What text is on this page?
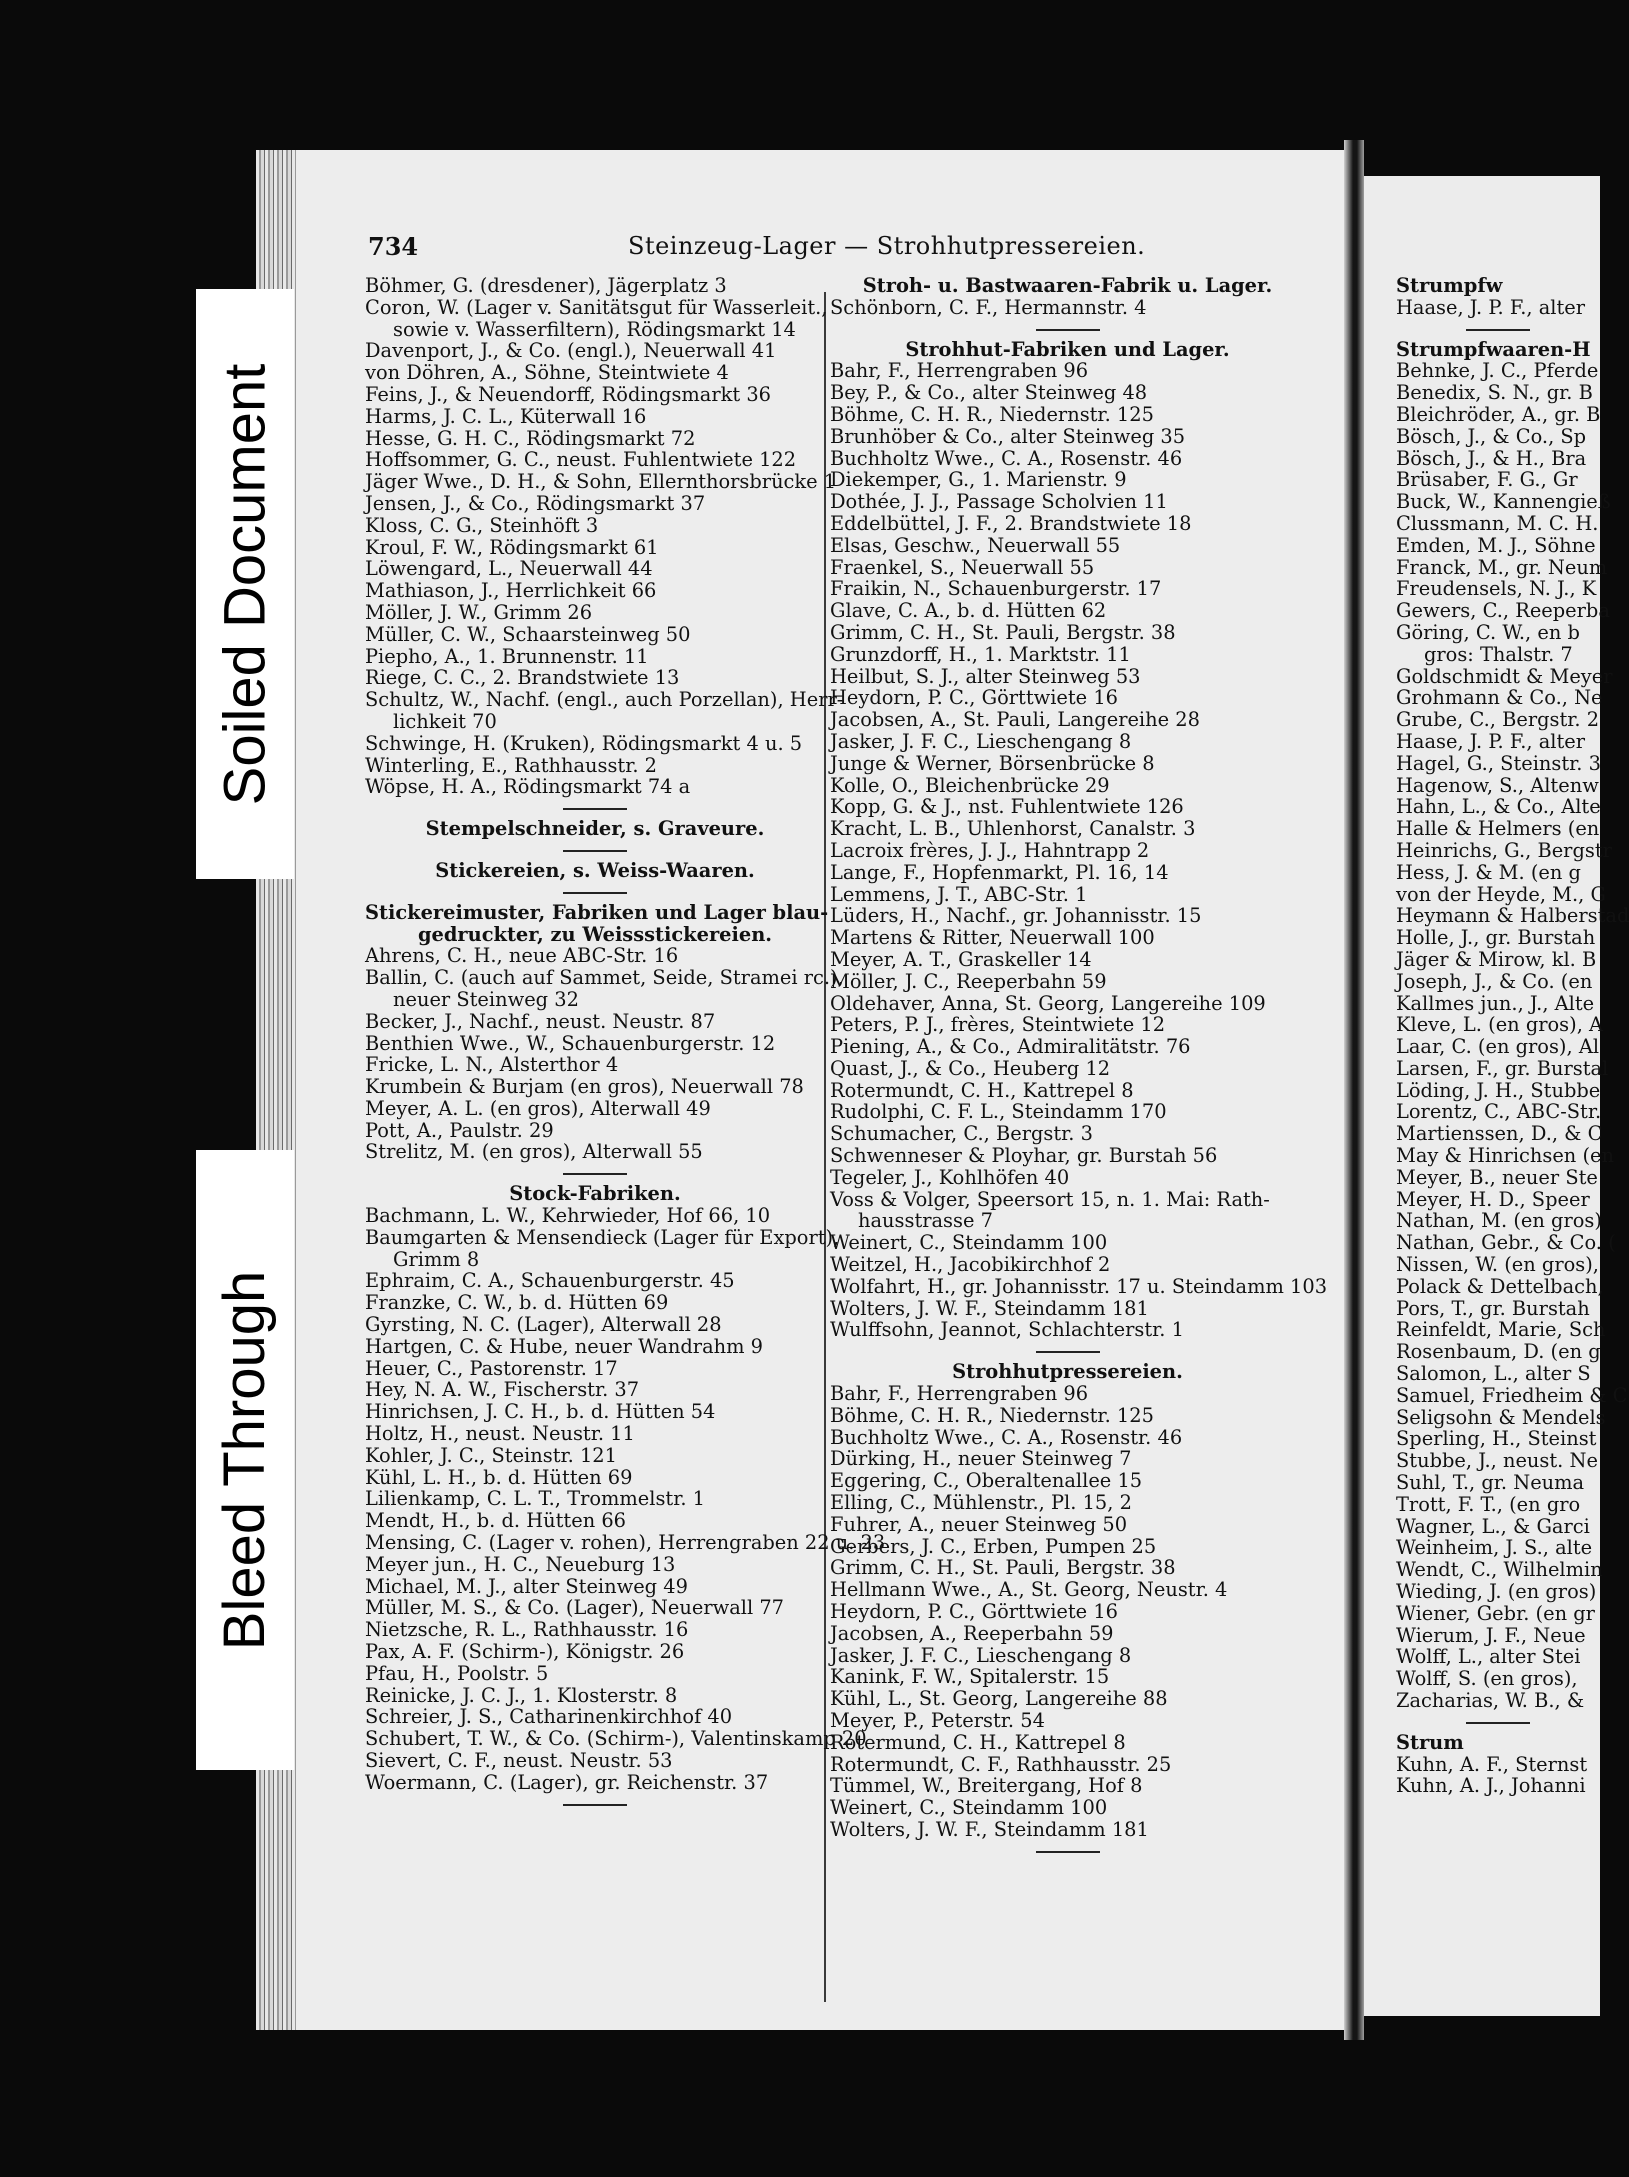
734	Steinzeug-Lager — Strohhutpressereien.
Böhmer, G. (dresdener), Jägerplatz 3
Coron, W. (Lager v. Sanitätsgut für Wasserleit.,
sowie v. Wasserfiltern), Rödingsmarkt 14
Davenport, J., & Co. (engl.), Neuerwall 41
von Döhren, A., Söhne, Steintwiete 4
Feins, J., & Neuendorff, Rödingsmarkt 36
Harms, J. C. L., Küterwall 16
Hesse, G. H. C., Rödingsmarkt 72
Hoffsommer, G. C., neust. Fuhlentwiete 122
Jäger Wwe., D. H., & Sohn, Ellernthorsbrücke 1
Jensen, J., & Co., Rödingsmarkt 37
Kloss, C. G., Steinhöft 3
Kroul, F. W., Rödingsmarkt 61
Löwengard, L., Neuerwall 44
Mathiason, J., Herrlichkeit 66
Möller, J. W., Grimm 26
Müller, C. W., Schaarsteinweg 50
Piepho, A., 1. Brunnenstr. 11
Riege, C. C., 2. Brandstwiete 13
Schultz, W., Nachf. (engl., auch Porzellan), Herr-
lichkeit 70
Schwinge, H. (Kruken), Rödingsmarkt 4 u. 5
Winterling, E., Rathhausstr. 2
Wöpse, H. A., Rödingsmarkt 74 a
Stempelschneider, s. Graveure.
Stickereien, s. Weiss-Waaren.
Stickereimuster, Fabriken und Lager blau-
gedruckter, zu Weissstickereien.
Ahrens, C. H., neue ABC-Str. 16
Ballin, C. (auch auf Sammet, Seide, Stramei rc.),
neuer Steinweg 32
Becker, J., Nachf., neust. Neustr. 87
Benthien Wwe., W., Schauenburgerstr. 12
Fricke, L. N., Alsterthor 4
Krumbein & Burjam (en gros), Neuerwall 78
Meyer, A. L. (en gros), Alterwall 49
Pott, A., Paulstr. 29
Strelitz, M. (en gros), Alterwall 55
Stock-Fabriken.
Bachmann, L. W., Kehrwieder, Hof 66, 10
Baumgarten & Mensendieck (Lager für Export),
Grimm 8
Ephraim, C. A., Schauenburgerstr. 45
Franzke, C. W., b. d. Hütten 69
Gyrsting, N. C. (Lager), Alterwall 28
Hartgen, C. & Hube, neuer Wandrahm 9
Heuer, C., Pastorenstr. 17
Hey, N. A. W., Fischerstr. 37
Hinrichsen, J. C. H., b. d. Hütten 54
Holtz, H., neust. Neustr. 11
Kohler, J. C., Steinstr. 121
Kühl, L. H., b. d. Hütten 69
Lilienkamp, C. L. T., Trommelstr. 1
Mendt, H., b. d. Hütten 66
Mensing, C. (Lager v. rohen), Herrengraben 22 u. 23
Meyer jun., H. C., Neueburg 13
Michael, M. J., alter Steinweg 49
Müller, M. S., & Co. (Lager), Neuerwall 77
Nietzsche, R. L., Rathhausstr. 16
Pax, A. F. (Schirm-), Königstr. 26
Pfau, H., Poolstr. 5
Reinicke, J. C. J., 1. Klosterstr. 8
Schreier, J. S., Catharinenkirchhof 40
Schubert, T. W., & Co. (Schirm-), Valentinskamp 20
Sievert, C. F., neust. Neustr. 53
Woermann, C. (Lager), gr. Reichenstr. 37
Stroh- u. Bastwaaren-Fabrik u. Lager.
Schönborn, C. F., Hermannstr. 4
Strohhut-Fabriken und Lager.
Bahr, F., Herrengraben 96
Bey, P., & Co., alter Steinweg 48
Böhme, C. H. R., Niedernstr. 125
Brunhöber & Co., alter Steinweg 35
Buchholtz Wwe., C. A., Rosenstr. 46
Diekemper, G., 1. Marienstr. 9
Dothée, J. J., Passage Scholvien 11
Eddelbüttel, J. F., 2. Brandstwiete 18
Elsas, Geschw., Neuerwall 55
Fraenkel, S., Neuerwall 55
Fraikin, N., Schauenburgerstr. 17
Glave, C. A., b. d. Hütten 62
Grimm, C. H., St. Pauli, Bergstr. 38
Grunzdorff, H., 1. Marktstr. 11
Heilbut, S. J., alter Steinweg 53
Heydorn, P. C., Görttwiete 16
Jacobsen, A., St. Pauli, Langereihe 28
Jasker, J. F. C., Lieschengang 8
Junge & Werner, Börsenbrücke 8
Kolle, O., Bleichenbrücke 29
Kopp, G. & J., nst. Fuhlentwiete 126
Kracht, L. B., Uhlenhorst, Canalstr. 3
Lacroix frères, J. J., Hahntrapp 2
Lange, F., Hopfenmarkt, Pl. 16, 14
Lemmens, J. T., ABC-Str. 1
Lüders, H., Nachf., gr. Johannisstr. 15
Martens & Ritter, Neuerwall 100
Meyer, A. T., Graskeller 14
Möller, J. C., Reeperbahn 59
Oldehaver, Anna, St. Georg, Langereihe 109
Peters, P. J., frères, Steintwiete 12
Piening, A., & Co., Admiralitätstr. 76
Quast, J., & Co., Heuberg 12
Rotermundt, C. H., Kattrepel 8
Rudolphi, C. F. L., Steindamm 170
Schumacher, C., Bergstr. 3
Schwenneser & Ployhar, gr. Burstah 56
Tegeler, J., Kohlhöfen 40
Voss & Volger, Speersort 15, n. 1. Mai: Rath-
hausstrasse 7
Weinert, C., Steindamm 100
Weitzel, H., Jacobikirchhof 2
Wolfahrt, H., gr. Johannisstr. 17 u. Steindamm 103
Wolters, J. W. F., Steindamm 181
Wulffsohn, Jeannot, Schlachterstr. 1
Strohhutpressereien.
Bahr, F., Herrengraben 96
Böhme, C. H. R., Niedernstr. 125
Buchholtz Wwe., C. A., Rosenstr. 46
Dürking, H., neuer Steinweg 7
Eggering, C., Oberaltenallee 15
Elling, C., Mühlenstr., Pl. 15, 2
Fuhrer, A., neuer Steinweg 50
Gerbers, J. C., Erben, Pumpen 25
Grimm, C. H., St. Pauli, Bergstr. 38
Hellmann Wwe., A., St. Georg, Neustr. 4
Heydorn, P. C., Görttwiete 16
Jacobsen, A., Reeperbahn 59
Jasker, J. F. C., Lieschengang 8
Kanink, F. W., Spitalerstr. 15
Kühl, L., St. Georg, Langereihe 88
Meyer, P., Peterstr. 54
Rotermund, C. H., Kattrepel 8
Rotermundt, C. F., Rathhausstr. 25
Tümmel, W., Breitergang, Hof 8
Weinert, C., Steindamm 100
Wolters, J. W. F., Steindamm 181
Strumpfw
Haase, J. P. F., alter
Strumpfwaaren-H
Behnke, J. C., Pferde
Benedix, S. N., gr. B
Bleichröder, A., gr. B
Bösch, J., & Co., Sp
Bösch, J., & H., Bra
Brüsaber, F. G., Gr
Buck, W., Kannengieß
Clussmann, M. C. H.
Emden, M. J., Söhne
Franck, M., gr. Neum
Freudensels, N. J., K
Gewers, C., Reeperba
Göring, C. W., en b
gros: Thalstr. 7
Goldschmidt & Meyer
Grohmann & Co., Ne
Grube, C., Bergstr. 2
Haase, J. P. F., alter
Hagel, G., Steinstr. 3
Hagenow, S., Altenw
Hahn, L., & Co., Alte
Halle & Helmers (en
Heinrichs, G., Bergstr
Hess, J. & M. (en g
von der Heyde, M., G
Heymann & Halberstad
Holle, J., gr. Burstah
Jäger & Mirow, kl. B
Joseph, J., & Co. (en
Kallmes jun., J., Alte
Kleve, L. (en gros), A
Laar, C. (en gros), Al
Larsen, F., gr. Burstal
Löding, J. H., Stubbe
Lorentz, C., ABC-Str.
Martienssen, D., & C
May & Hinrichsen (en
Meyer, B., neuer Ste
Meyer, H. D., Speer
Nathan, M. (en gros)
Nathan, Gebr., & Co. (
Nissen, W. (en gros),
Polack & Dettelbach,
Pors, T., gr. Burstah
Reinfeldt, Marie, Sch
Rosenbaum, D. (en g
Salomon, L., alter S
Samuel, Friedheim & C
Seligsohn & Mendels
Sperling, H., Steinst
Stubbe, J., neust. Ne
Suhl, T., gr. Neuma
Trott, F. T., (en gro
Wagner, L., & Garci
Weinheim, J. S., alte
Wendt, C., Wilhelmin
Wieding, J. (en gros)
Wiener, Gebr. (en gr
Wierum, J. F., Neue
Wolff, L., alter Stei
Wolff, S. (en gros),
Zacharias, W. B., &
Strum
Kuhn, A. F., Sternst
Kuhn, A. J., Johanni
Soiled Document
Bleed Through
